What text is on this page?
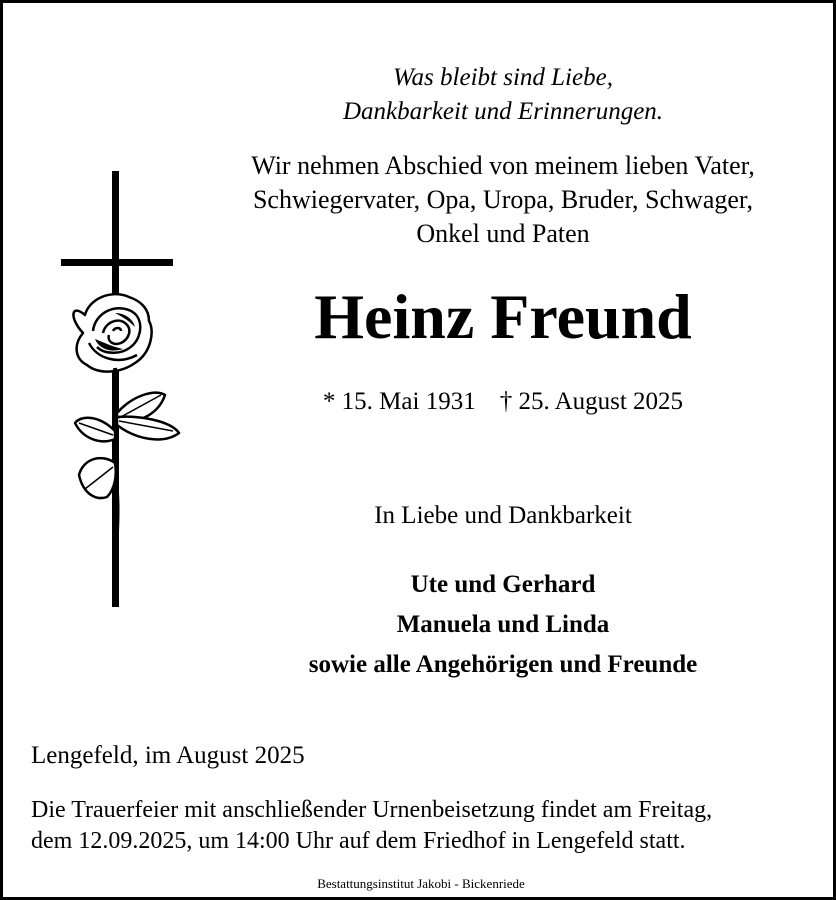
Was bleibt sind Liebe,
Dankbarkeit und Erinnerungen.
Wir nehmen Abschied von meinem lieben Vater,
Schwiegervater, Opa, Uropa, Bruder, Schwager,
Onkel und Paten
Heinz Freund
* 15. Mai 1931 † 25. August 2025
In Liebe und Dankbarkeit
Ute und Gerhard
Manuela und Linda
sowie alle Angehörigen und Freunde
Lengefeld, im August 2025
Die Trauerfeier mit anschließender Urnenbeisetzung findet am Freitag,
dem 12.09.2025, um 14:00 Uhr auf dem Friedhof in Lengefeld statt.
Bestattungsinstitut Jakobi - Bickenriede
